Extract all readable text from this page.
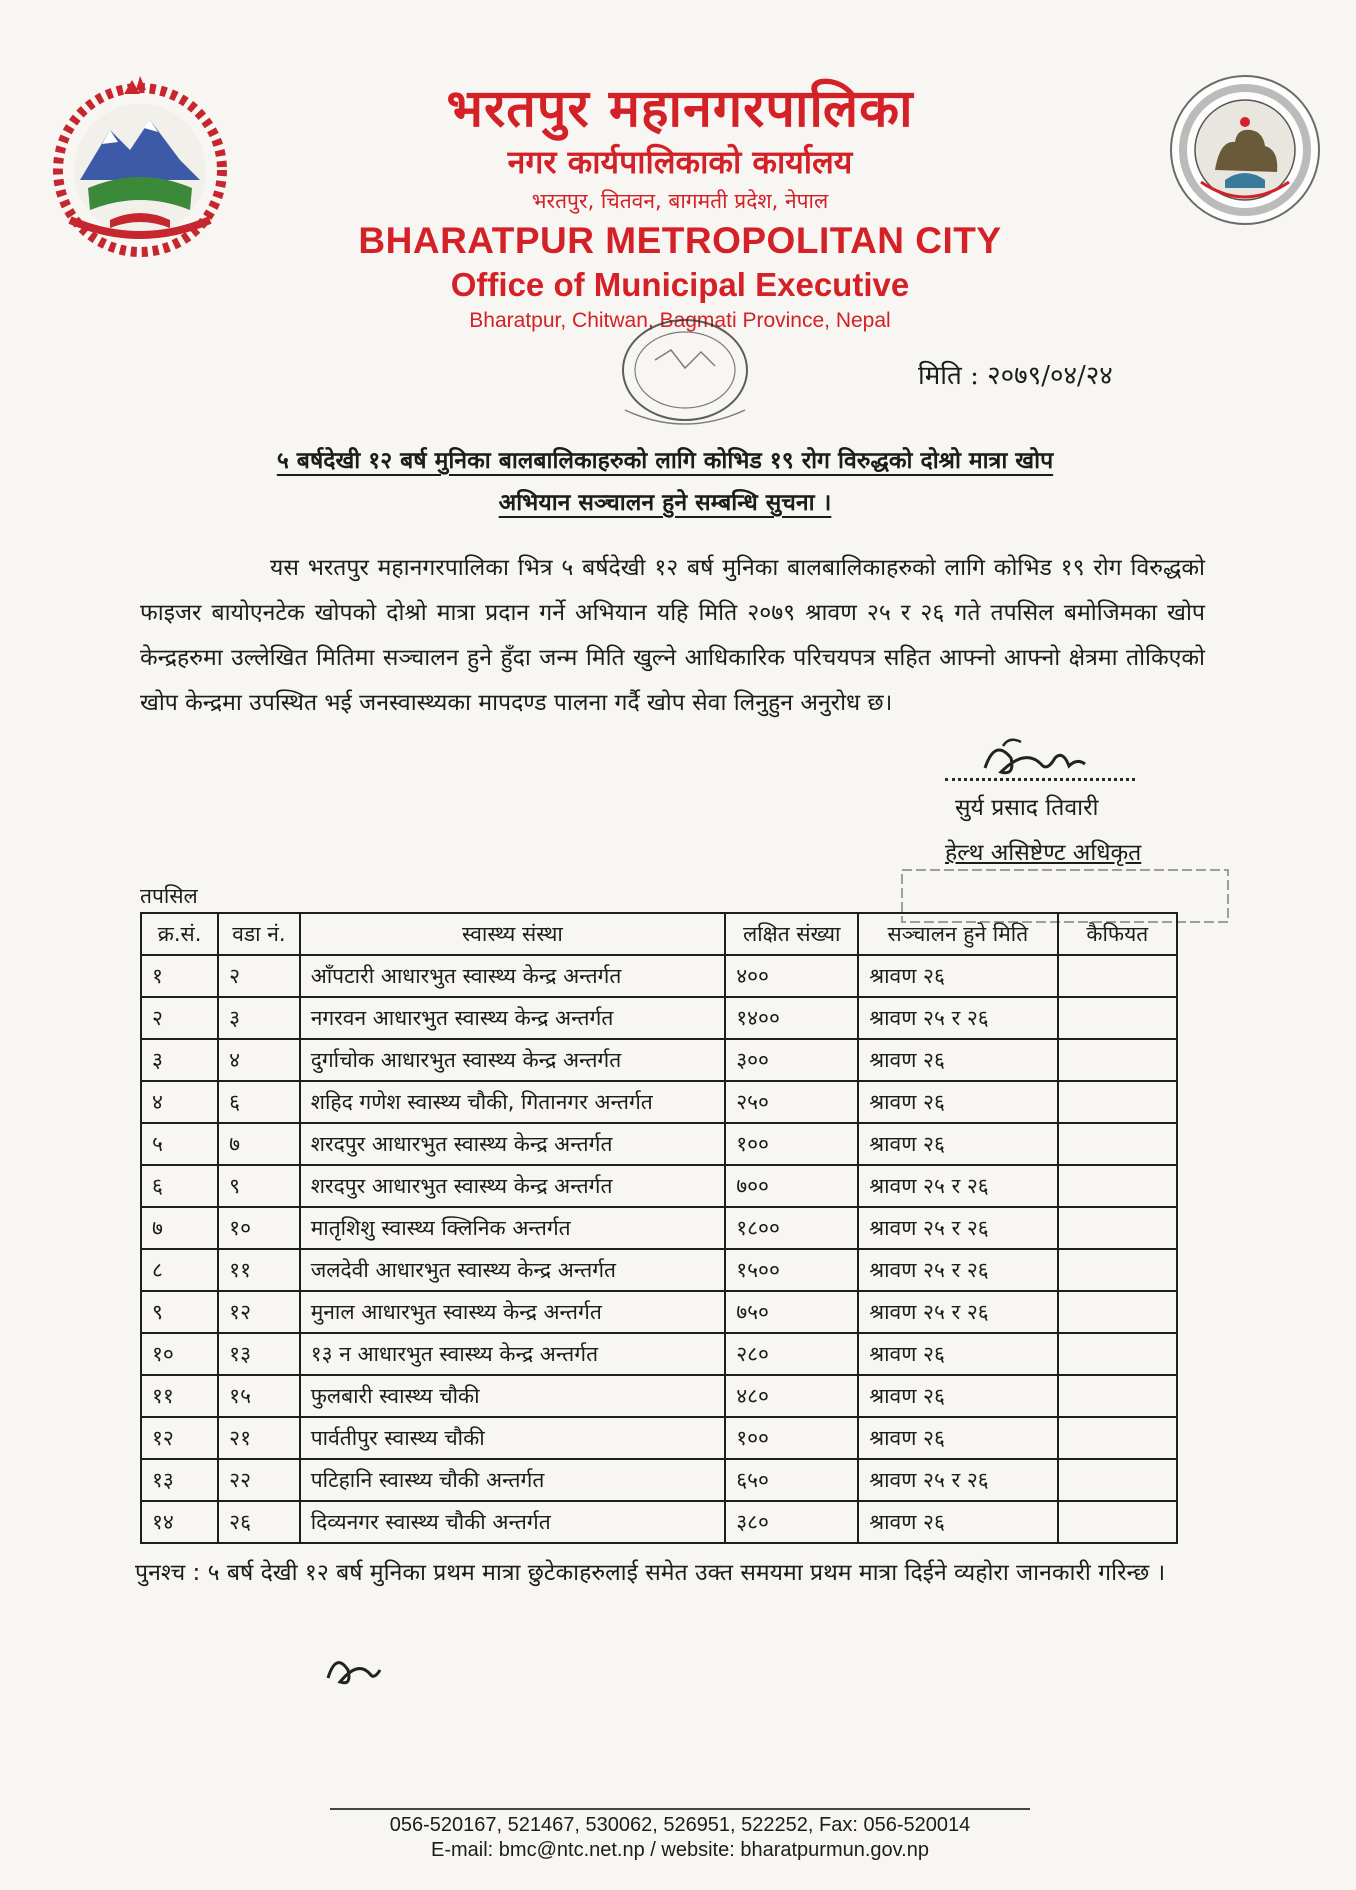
भरतपुर महानगरपालिका
नगर कार्यपालिकाको कार्यालय
भरतपुर, चितवन, बागमती प्रदेश, नेपाल
BHARATPUR METROPOLITAN CITY
Office of Municipal Executive
Bharatpur, Chitwan, Bagmati Province, Nepal
मिति : २०७९/०४/२४
५ बर्षदेखी १२ बर्ष मुनिका बालबालिकाहरुको लागि कोभिड १९ रोग विरुद्धको दोश्रो मात्रा खोप
अभियान सञ्चालन हुने सम्बन्धि सुचना ।
यस भरतपुर महानगरपालिका भित्र ५ बर्षदेखी १२ बर्ष मुनिका बालबालिकाहरुको लागि कोभिड १९ रोग विरुद्धको फाइजर बायोएनटेक खोपको दोश्रो मात्रा प्रदान गर्ने अभियान यहि मिति २०७९ श्रावण २५ र २६ गते तपसिल बमोजिमका खोप केन्द्रहरुमा उल्लेखित मितिमा सञ्चालन हुने हुँदा जन्म मिति खुल्ने आधिकारिक परिचयपत्र सहित आफ्नो आफ्नो क्षेत्रमा तोकिएको खोप केन्द्रमा उपस्थित भई जनस्वास्थ्यका मापदण्ड पालना गर्दै खोप सेवा लिनुहुन अनुरोध छ।
सुर्य प्रसाद तिवारी
हेल्थ असिष्टेण्ट अधिकृत
तपसिल
क्र.सं.	वडा नं.	स्वास्थ्य संस्था	लक्षित संख्या	सञ्चालन हुने मिति	कैफियत
१	२	आँपटारी आधारभुत स्वास्थ्य केन्द्र अन्तर्गत	४००	श्रावण २६	
२	३	नगरवन आधारभुत स्वास्थ्य केन्द्र अन्तर्गत	१४००	श्रावण २५ र २६	
३	४	दुर्गाचोक आधारभुत स्वास्थ्य केन्द्र अन्तर्गत	३००	श्रावण २६	
४	६	शहिद गणेश स्वास्थ्य चौकी, गितानगर अन्तर्गत	२५०	श्रावण २६	
५	७	शरदपुर आधारभुत स्वास्थ्य केन्द्र अन्तर्गत	१००	श्रावण २६	
६	९	शरदपुर आधारभुत स्वास्थ्य केन्द्र अन्तर्गत	७००	श्रावण २५ र २६	
७	१०	मातृशिशु स्वास्थ्य क्लिनिक अन्तर्गत	१८००	श्रावण २५ र २६	
८	११	जलदेवी आधारभुत स्वास्थ्य केन्द्र अन्तर्गत	१५००	श्रावण २५ र २६	
९	१२	मुनाल आधारभुत स्वास्थ्य केन्द्र अन्तर्गत	७५०	श्रावण २५ र २६	
१०	१३	१३ न आधारभुत स्वास्थ्य केन्द्र अन्तर्गत	२८०	श्रावण २६	
११	१५	फुलबारी स्वास्थ्य चौकी	४८०	श्रावण २६	
१२	२१	पार्वतीपुर स्वास्थ्य चौकी	१००	श्रावण २६	
१३	२२	पटिहानि स्वास्थ्य चौकी अन्तर्गत	६५०	श्रावण २५ र २६	
१४	२६	दिव्यनगर स्वास्थ्य चौकी अन्तर्गत	३८०	श्रावण २६	
पुनश्च : ५ बर्ष देखी १२ बर्ष मुनिका प्रथम मात्रा छुटेकाहरुलाई समेत उक्त समयमा प्रथम मात्रा दिईने व्यहोरा जानकारी गरिन्छ ।
056-520167, 521467, 530062, 526951, 522252, Fax: 056-520014
E-mail: bmc@ntc.net.np / website: bharatpurmun.gov.np
